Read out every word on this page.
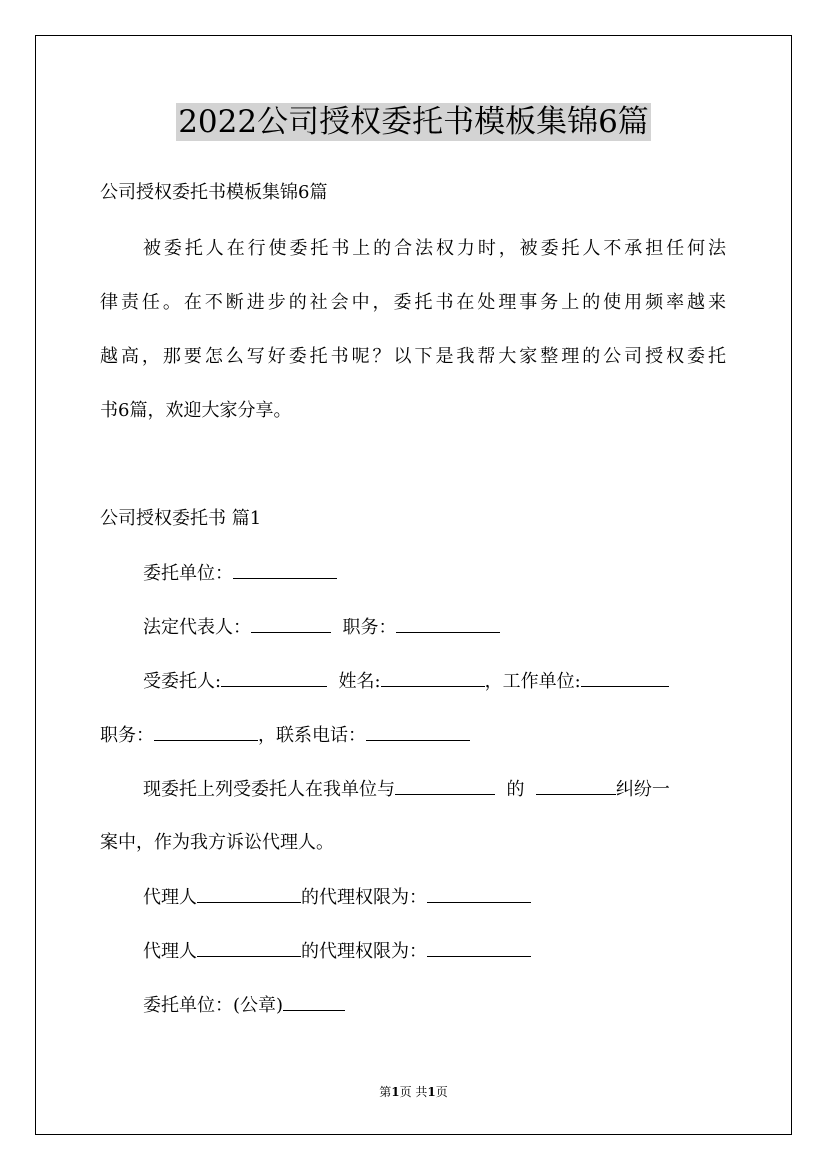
2022公司授权委托书模板集锦6篇
公司授权委托书模板集锦6篇
被委托人在行使委托书上的合法权力时，被委托人不承担任何法
律责任。在不断进步的社会中，委托书在处理事务上的使用频率越来
越高，那要怎么写好委托书呢？以下是我帮大家整理的公司授权委托
书6篇，欢迎大家分享。
公司授权委托书 篇1
委托单位：
法定代表人：	职务：
受委托人:	姓名:	，工作单位:
职务：	，联系电话：
现委托上列受委托人在我单位与	的	纠纷一
案中，作为我方诉讼代理人。
代理人	的代理权限为：
代理人	的代理权限为：
委托单位：(公章)
第1页 共1页
